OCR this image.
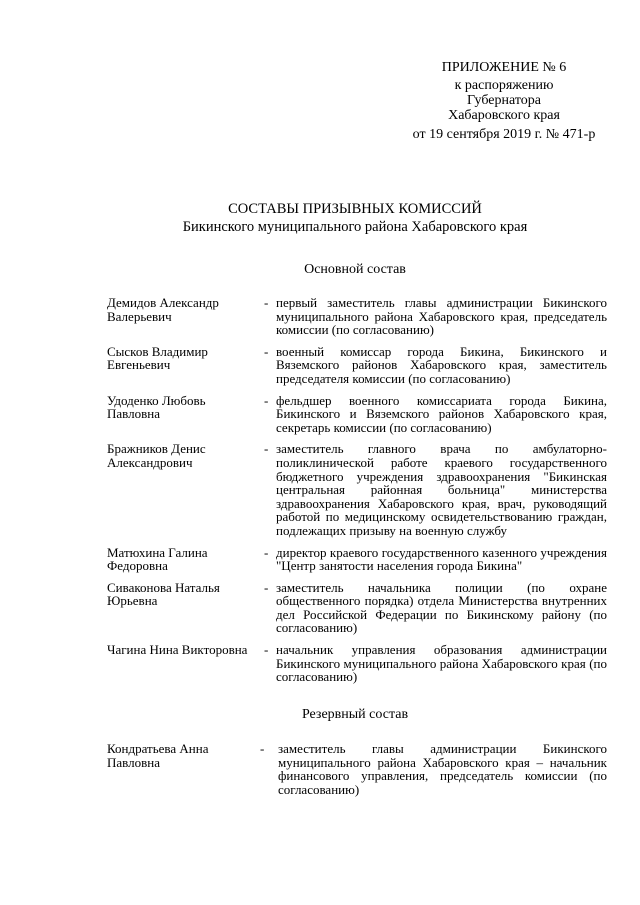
ПРИЛОЖЕНИЕ № 6
к распоряжению
Губернатора
Хабаровского края
от 19 сентября 2019 г. № 471-р
СОСТАВЫ ПРИЗЫВНЫХ КОМИССИЙ
Бикинского муниципального района Хабаровского края
Основной состав
Демидов Александр Валерьевич
- первый заместитель главы администрации Бикинского муниципального района Хабаровского края, председатель комиссии (по согласованию)
Сысков Владимир Евгеньевич
- военный комиссар города Бикина, Бикинского и Вяземского районов Хабаровского края, заместитель председателя комиссии (по согласованию)
Удоденко Любовь Павловна
- фельдшер военного комиссариата города Бикина, Бикинского и Вяземского районов Хабаровского края, секретарь комиссии (по согласованию)
Бражников Денис Александрович
- заместитель главного врача по амбулаторно-поликлинической работе краевого государственного бюджетного учреждения здравоохранения "Бикинская центральная районная больница" министерства здравоохранения Хабаровского края, врач, руководящий работой по медицинскому освидетельствованию граждан, подлежащих призыву на военную службу
Матюхина Галина Федоровна
- директор краевого государственного казенного учреждения "Центр занятости населения города Бикина"
Сиваконова Наталья Юрьевна
- заместитель начальника полиции (по охране общественного порядка) отдела Министерства внутренних дел Российской Федерации по Бикинскому району (по согласованию)
Чагина Нина Викторовна	- начальник управления образования администрации Бикинского муниципального района Хабаровского края (по согласованию)
Резервный состав
Кондратьева Анна Павловна
- заместитель главы администрации Бикинского муниципального района Хабаровского края – начальник финансового управления, председатель комиссии (по согласованию)
